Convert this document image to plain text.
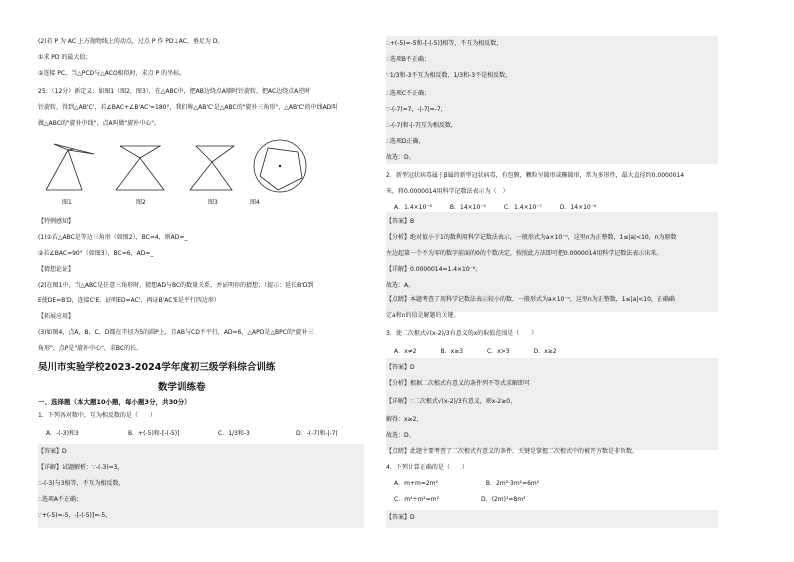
(2)若 P 为 AC 上方抛物线上的动点，过点 P 作 PD⊥AC，垂足为 D。
①求 PD 的最大值；
②连接 PC，当△PCD与△ACO相似时，求点 P 的坐标。
25．（12分）新定义：如图1（图2，图3），在△ABC中，把AB边绕点A顺时针旋转，把AC边绕点A逆时
针旋转，得到△AB'C'，若∠BAC+∠B'AC'=180°，我们称△AB'C'是△ABC的"旋补三角形"，△AB'C'的中线AD叫
做△ABC的"旋补中线"，点A叫做"旋补中心"。
图1	图2	图3	图4
【特例感知】
(1)①若△ABC是等边三角形（如图2），BC=4，则AD=_
②若∠BAC=90°（如图3），BC=6，AD=_
【猜想论证】
(2)在图1中，当△ABC是任意三角形时，猜想AD与BC的数量关系，并证明你的猜想；（提示：延长B'D到
E使DE=B'D，连接C'E，证明ED=AC'，再证B'AC'E是平行四边形）
【拓展应用】
(3)如图4，点A，B，C，D都在半径为5的圆P上，且AB与CD不平行，AD=6，△APD是△BPC的"旋补三
角形"，点P是"旋补中心"，求BC的长。
吴川市实验学校2023-2024学年度初三级学科综合训练
数学训练卷
一、选择题（本大题10小题，每小题3分，共30分）
1．下列各对数中，互为相反数的是（　　）
A．-(-3)和3	B．+(-5)和-[-(-5)]	C．1/3和-3	D．-(-7)和-|-7|
【答案】D
【详解】试题解析：∵-(-3)=3，
∴-(-3)与3相等，不互为相反数，
∴选项A不正确；
∵+(-5)=-5，-[-(-5)]=-5，
∴+(-5)=-5和-[-(-5)]相等，不互为相反数，
∴选项B不正确；
∵1/3和-3不互为相反数，1/3和-3不是相反数，
∴选项C不正确；
∵-(-7)=7，-|-7|=-7，
∴-(-7)和-|-7|互为相反数，
∴选项D正确，
故选：D。
2．新型冠状病毒属于β属的新型冠状病毒，有包膜，颗粒呈圆形或椭圆形，常为多形性，最大直径约0.0000014
米，将0.0000014用科学记数法表示为（　）
A．1.4×10⁻⁶　　　B．14×10⁻⁵　　　C．1.4×10⁻⁷　　　D．14×10⁻⁶
【答案】B
【分析】绝对值小于1的数利用科学记数法表示，一般形式为a×10⁻ⁿ，这里n为正整数，1≤|a|<10，n为原数
左边起第一个不为零的数字前面的0的个数决定，按照此方法即可把0.0000014用科学记数法表示出来。
【详解】0.0000014=1.4×10⁻⁶。
故选：A。
【点睛】本题考查了用科学记数法表示较小的数，一般形式为a×10⁻ⁿ，这里n为正整数，1≤|a|<10，正确确
定a和n的值是解题的关键。
3．使二次根式√(x-2)/3有意义的x的取值范围是（　　）
A．x≠2　　　　B．x≥3　　　　C．x>3　　　　D．x≥2
【答案】D
【分析】根据二次根式有意义的条件列不等式求解即可
【详解】∵二次根式√(x-2)/3有意义，则x-2≥0，
解得：x≥2，
故选：D。
【点睛】此题主要考查了二次根式有意义的条件，关键是掌握二次根式中的被开方数是非负数。
4．下列计算正确的是（　　）
A．m+m=2m²　　　　　　　　B．2m²·3m²=6m²
C．m⁴÷m²=m²　　　　　　　D．(2m)³=8m³
【答案】D
